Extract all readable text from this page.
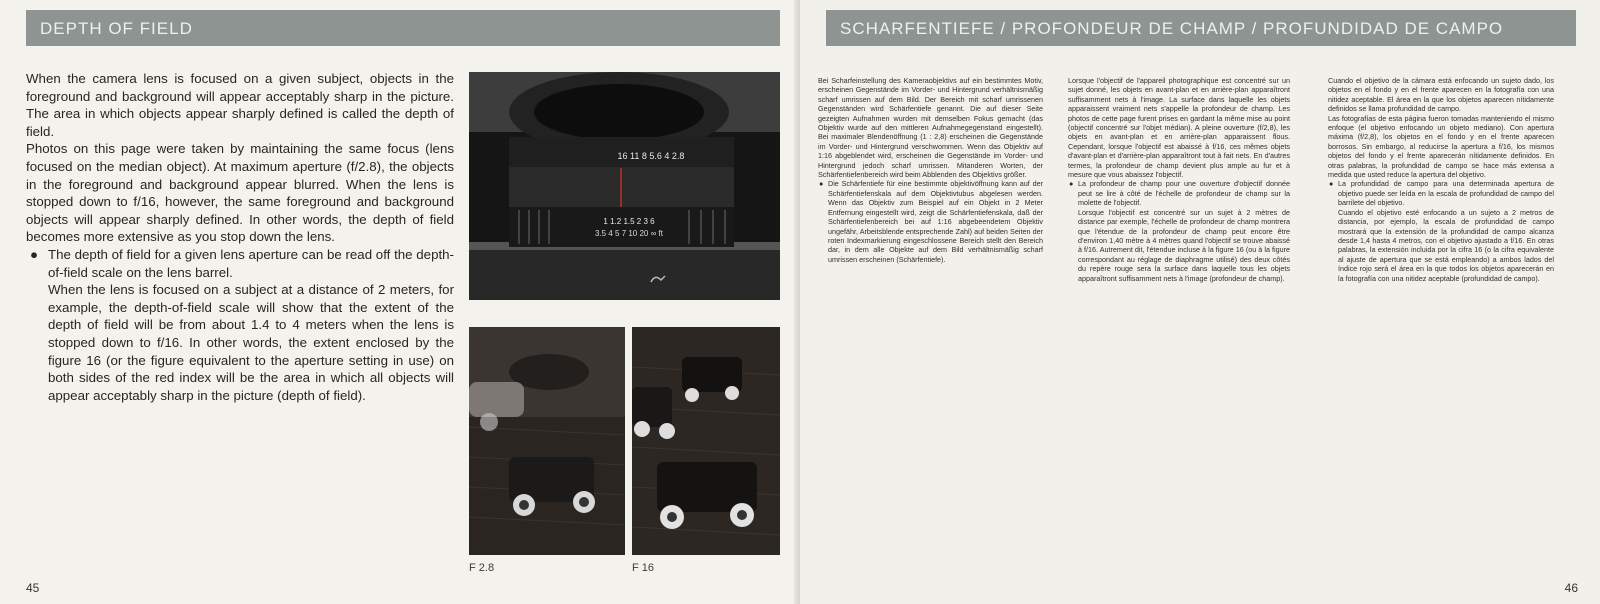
DEPTH OF FIELD

When the camera lens is focused on a given subject, objects in the foreground and background will appear acceptably sharp in the picture. The area in which objects appear sharply defined is called the depth of field.

Photos on this page were taken by maintaining the same focus (lens focused on the median object). At maximum aperture (f/2.8), the objects in the foreground and background appear blurred. When the lens is stopped down to f/16, however, the same foreground and background objects will appear sharply defined. In other words, the depth of field becomes more extensive as you stop down the lens.

● The depth of field for a given lens aperture can be read off the depth-of-field scale on the lens barrel.

When the lens is focused on a subject at a distance of 2 meters, for example, the depth-of-field scale will show that the extent of the depth of field will be from about 1.4 to 4 meters when the lens is stopped down to f/16. In other words, the extent enclosed by the figure 16 (or the figure equivalent to the aperture setting in use) on both sides of the red index will be the area in which all objects will appear acceptably sharp in the picture (depth of field).

16 11 8 5.6 4 2.8
1 1.2 1.5 2 3 6
3.5 4 5 7 10 20 ∞ ft
F 2.8	F 16
45
SCHARFENTIEFE / PROFONDEUR DE CHAMP / PROFUNDIDAD DE CAMPO

Bei Scharfeinstellung des Kameraobjektivs auf ein bestimmtes Motiv, erscheinen Gegenstände im Vorder- und Hintergrund verhältnismäßig scharf umrissen auf dem Bild. Der Bereich mit scharf umrissenen Gegenständen wird Schärfentiefe genannt. Die auf dieser Seite gezeigten Aufnahmen wurden mit demselben Fokus gemacht (das Objektiv wurde auf den mittleren Aufnahmegegenstand eingestellt). Bei maximaler Blendenöffnung (1 : 2,8) erscheinen die Gegenstände im Vorder- und Hintergrund verschwommen. Wenn das Objektiv auf 1:16 abgeblendet wird, erscheinen die Gegenstände im Vorder- und Hintergrund jedoch scharf umrissen. Mitanderen Worten, der Schärfentiefenbereich wird beim Abblenden des Objektivs größer.

● Die Schärfentiefe für eine bestimmte objektivöffnung kann auf der Schärfentiefenskala auf dem Objektivtubus abgelesen werden. Wenn das Objektiv zum Beispiel auf ein Objekt in 2 Meter Entfernung eingestellt wird, zeigt die Schärfentiefenskala, daß der Schärfentiefenbereich bei auf 1:16 abgebeendetem Objektiv ungefähr, Arbeitsblende entsprechende Zahl) auf beiden Seiten der roten Indexmarkierung eingeschlossene Bereich stellt den Bereich dar, in dem alle Objekte auf dem Bild verhältnismäßig scharf umrissen erscheinen (Schärfentiefe).

Lorsque l'objectif de l'appareil photographique est concentré sur un sujet donné, les objets en avant-plan et en arrière-plan apparaîtront suffisamment nets à l'image. La surface dans laquelle les objets apparaissent vraiment nets s'appelle la profondeur de champ. Les photos de cette page furent prises en gardant la même mise au point (objectif concentré sur l'objet médian). A pleine ouverture (f/2,8), les objets en avant-plan et en arrière-plan apparaissent flous. Cependant, lorsque l'objectif est abaissé à f/16, ces mêmes objets d'avant-plan et d'arrière-plan apparaîtront tout à fait nets. En d'autres termes, la profondeur de champ devient plus ample au fur et à mesure que vous abaissez l'objectif.

● La profondeur de champ pour une ouverture d'objectif donnée peut se lire à côté de l'échelle de profondeur de champ sur la molette de l'objectif.

Lorsque l'objectif est concentré sur un sujet à 2 mètres de distance par exemple, l'échelle de profondeur de champ montrera que l'étendue de la profondeur de champ peut encore être d'environ 1,40 mètre à 4 mètres quand l'objectif se trouve abaissé à f/16. Autrement dit, l'étendue incluse à la figure 16 (ou à la figure correspondant au réglage de diaphragme utilisé) des deux côtés du repère rouge sera la surface dans laquelle tous les objets apparaîtront suffisamment nets à l'image (profondeur de champ).

Cuando el objetivo de la cámara está enfocando un sujeto dado, los objetos en el fondo y en el frente aparecen en la fotografía con una nitidez aceptable. El área en la que los objetos aparecen nítidamente definidos se llama profundidad de campo.

Las fotografías de esta página fueron tomadas manteniendo el mismo enfoque (el objetivo enfocando un objeto mediano). Con apertura máxima (f/2,8), los objetos en el fondo y en el frente aparecen borrosos. Sin embargo, al reducirse la apertura a f/16, los mismos objetos del fondo y el frente aparecerán nítidamente definidos. En otras palabras, la profundidad de campo se hace más extensa a medida que usted reduce la apertura del objetivo.

● La profundidad de campo para una determinada apertura de objetivo puede ser leída en la escala de profundidad de campo del barrilete del objetivo.

Cuando el objetivo esté enfocando a un sujeto a 2 metros de distancia, por ejemplo, la escala de profundidad de campo mostrará que la extensión de la profundidad de campo alcanza desde 1,4 hasta 4 metros, con el objetivo ajustado a f/16. En otras palabras, la extensión incluida por la cifra 16 (o la cifra equivalente al ajuste de apertura que se está empleando) a ambos lados del índice rojo será el área en la que todos los objetos aparecerán en la fotografía con una nitidez aceptable (profundidad de campo).

46
